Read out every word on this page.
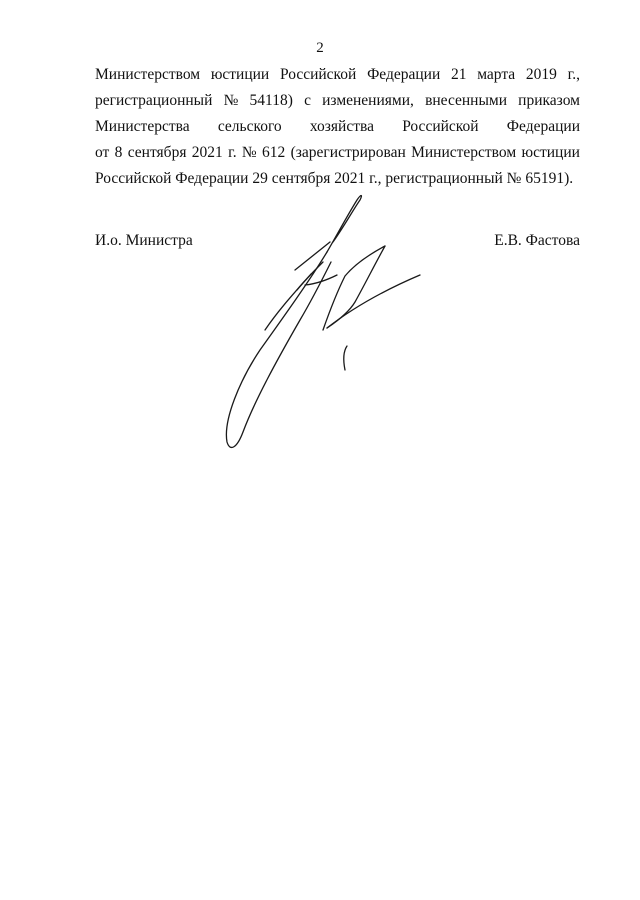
2
Министерством юстиции Российской Федерации 21 марта 2019 г.,
регистрационный № 54118) с изменениями, внесенными приказом
Министерства сельского хозяйства Российской Федерации
от 8 сентября 2021 г. № 612 (зарегистрирован Министерством юстиции
Российской Федерации 29 сентября 2021 г., регистрационный № 65191).
И.о. Министра	Е.В. Фастова
